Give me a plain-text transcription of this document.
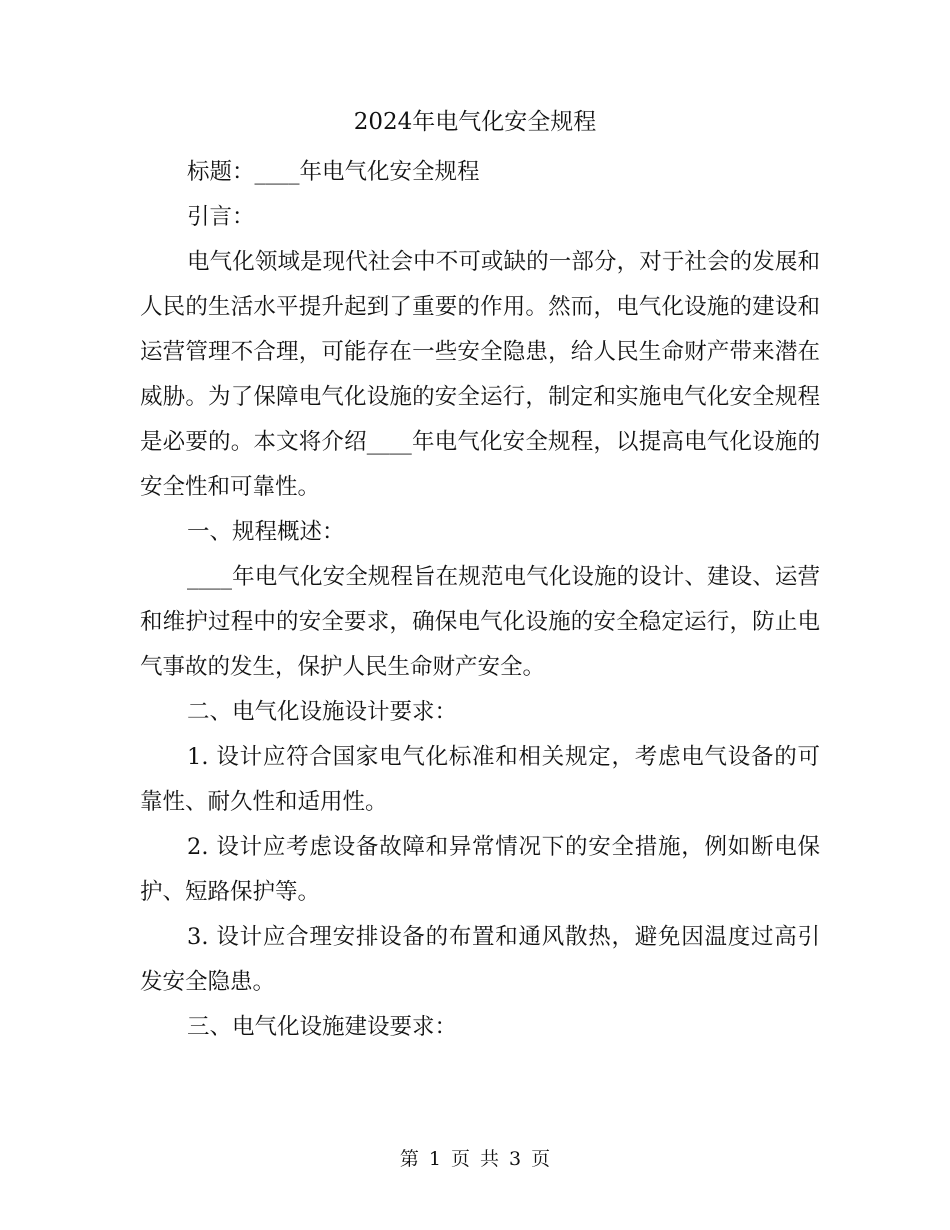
2024年电气化安全规程

标题：____年电气化安全规程

引言：

电气化领域是现代社会中不可或缺的一部分，对于社会的发展和人民的生活水平提升起到了重要的作用。然而，电气化设施的建设和运营管理不合理，可能存在一些安全隐患，给人民生命财产带来潜在威胁。为了保障电气化设施的安全运行，制定和实施电气化安全规程是必要的。本文将介绍____年电气化安全规程，以提高电气化设施的安全性和可靠性。

一、规程概述：

____年电气化安全规程旨在规范电气化设施的设计、建设、运营和维护过程中的安全要求，确保电气化设施的安全稳定运行，防止电气事故的发生，保护人民生命财产安全。

二、电气化设施设计要求：

1. 设计应符合国家电气化标准和相关规定，考虑电气设备的可靠性、耐久性和适用性。

2. 设计应考虑设备故障和异常情况下的安全措施，例如断电保护、短路保护等。

3. 设计应合理安排设备的布置和通风散热，避免因温度过高引发安全隐患。

三、电气化设施建设要求：

第 1 页 共 3 页
